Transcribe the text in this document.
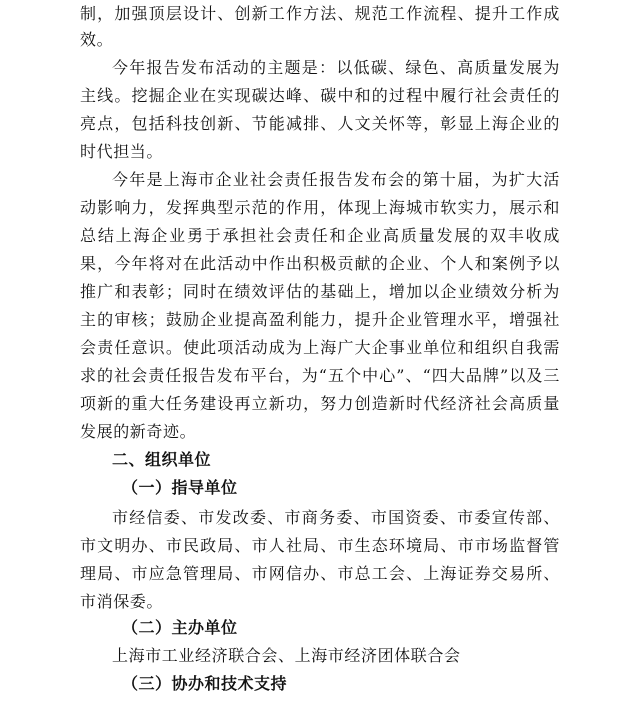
制，加强顶层设计、创新工作方法、规范工作流程、提升工作成
效。
今年报告发布活动的主题是：以低碳、绿色、高质量发展为
主线。挖掘企业在实现碳达峰、碳中和的过程中履行社会责任的
亮点，包括科技创新、节能减排、人文关怀等，彰显上海企业的
时代担当。
今年是上海市企业社会责任报告发布会的第十届，为扩大活
动影响力，发挥典型示范的作用，体现上海城市软实力，展示和
总结上海企业勇于承担社会责任和企业高质量发展的双丰收成
果，今年将对在此活动中作出积极贡献的企业、个人和案例予以
推广和表彰；同时在绩效评估的基础上，增加以企业绩效分析为
主的审核；鼓励企业提高盈利能力，提升企业管理水平，增强社
会责任意识。使此项活动成为上海广大企事业单位和组织自我需
求的社会责任报告发布平台，为“五个中心”、“四大品牌”以及三
项新的重大任务建设再立新功，努力创造新时代经济社会高质量
发展的新奇迹。
二、组织单位
（一）指导单位
市经信委、市发改委、市商务委、市国资委、市委宣传部、
市文明办、市民政局、市人社局、市生态环境局、市市场监督管
理局、市应急管理局、市网信办、市总工会、上海证券交易所、
市消保委。
（二）主办单位
上海市工业经济联合会、上海市经济团体联合会
（三）协办和技术支持
